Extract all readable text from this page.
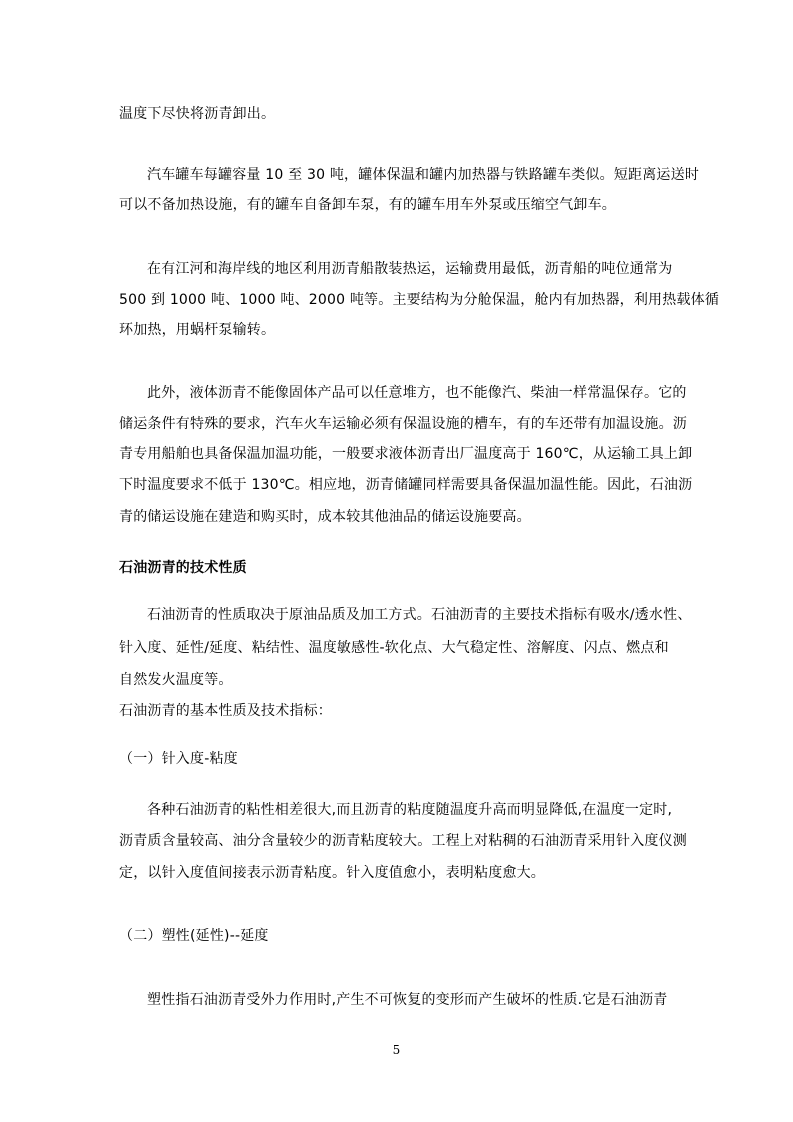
温度下尽快将沥青卸出。
汽车罐车每罐容量 10 至 30 吨，罐体保温和罐内加热器与铁路罐车类似。短距离运送时
可以不备加热设施，有的罐车自备卸车泵，有的罐车用车外泵或压缩空气卸车。
在有江河和海岸线的地区利用沥青船散装热运，运输费用最低，沥青船的吨位通常为
500 到 1000 吨、1000 吨、2000 吨等。主要结构为分舱保温，舱内有加热器，利用热载体循
环加热，用蜗杆泵输转。
此外，液体沥青不能像固体产品可以任意堆方，也不能像汽、柴油一样常温保存。它的
储运条件有特殊的要求，汽车火车运输必须有保温设施的槽车，有的车还带有加温设施。沥
青专用船舶也具备保温加温功能，一般要求液体沥青出厂温度高于 160℃，从运输工具上卸
下时温度要求不低于 130℃。相应地，沥青储罐同样需要具备保温加温性能。因此，石油沥
青的储运设施在建造和购买时，成本较其他油品的储运设施要高。
石油沥青的技术性质
石油沥青的性质取决于原油品质及加工方式。石油沥青的主要技术指标有吸水/透水性、
针入度、延性/延度、粘结性、温度敏感性-软化点、大气稳定性、溶解度、闪点、燃点和
自然发火温度等。
石油沥青的基本性质及技术指标：
（一）针入度-粘度
各种石油沥青的粘性相差很大,而且沥青的粘度随温度升高而明显降低,在温度一定时,
沥青质含量较高、油分含量较少的沥青粘度较大。工程上对粘稠的石油沥青采用针入度仪测
定，以针入度值间接表示沥青粘度。针入度值愈小，表明粘度愈大。
（二）塑性(延性)--延度
塑性指石油沥青受外力作用时,产生不可恢复的变形而产生破坏的性质.它是石油沥青
5
